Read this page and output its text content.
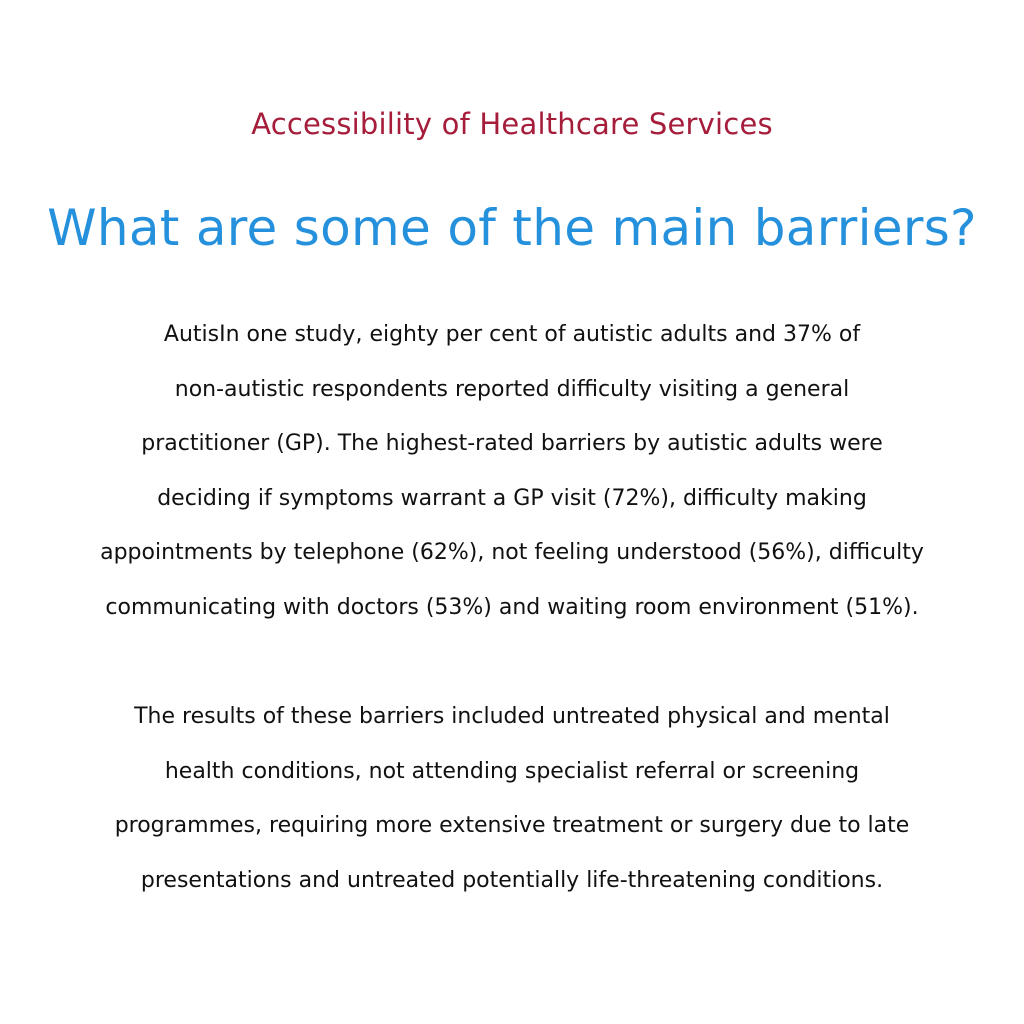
Accessibility of Healthcare Services
What are some of the main barriers?

AutisIn one study, eighty per cent of autistic adults and 37% of
non-autistic respondents reported difficulty visiting a general
practitioner (GP). The highest-rated barriers by autistic adults were
deciding if symptoms warrant a GP visit (72%), difficulty making
appointments by telephone (62%), not feeling understood (56%), difficulty
communicating with doctors (53%) and waiting room environment (51%).

The results of these barriers included untreated physical and mental
health conditions, not attending specialist referral or screening
programmes, requiring more extensive treatment or surgery due to late
presentations and untreated potentially life-threatening conditions.
